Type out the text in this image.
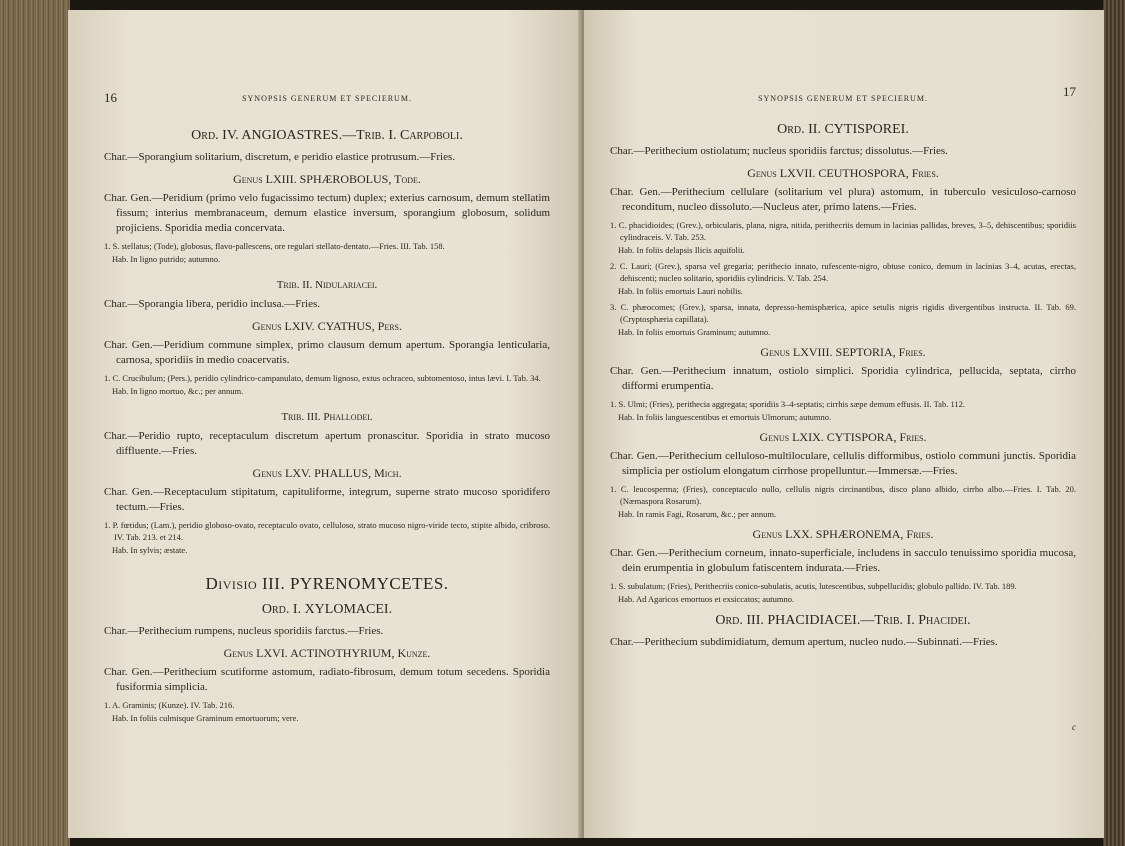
16	SYNOPSIS GENERUM ET SPECIERUM.
Ord. IV. ANGIOASTRES.—Trib. I. Carpoboli.
Char.—Sporangium solitarium, discretum, e peridio elastice protrusum.—Fries.
Genus LXIII. SPHÆROBOLUS, Tode.
Char. Gen.—Peridium (primo velo fugacissimo tectum) duplex; exterius carnosum, demum stellatim fissum; interius membranaceum, demum elastice inversum, sporangium globosum, solidum projiciens. Sporidia media concervata.
1. S. stellatus; (Tode), globosus, flavo-pallescens, ore regulari stellato-dentato.—Fries. III. Tab. 158.
Hab. In ligno putrido; autumno.
Trib. II. Nidulariacei.
Char.—Sporangia libera, peridio inclusa.—Fries.
Genus LXIV. CYATHUS, Pers.
Char. Gen.—Peridium commune simplex, primo clausum demum apertum. Sporangia lenticularia, carnosa, sporidiis in medio coacervatis.
1. C. Crucibulum; (Pers.), peridio cylindrico-campanulato, demum lignoso, extus ochraceo, subtomentoso, intus lævi. I. Tab. 34.
Hab. In ligno mortuo, &c.; per annum.
Trib. III. Phallodei.
Char.—Peridio rupto, receptaculum discretum apertum pronascitur. Sporidia in strato mucoso diffluente.—Fries.
Genus LXV. PHALLUS, Mich.
Char. Gen.—Receptaculum stipitatum, capituliforme, integrum, superne strato mucoso sporidifero tectum.—Fries.
1. P. fœtidus; (Lam.), peridio globoso-ovato, receptaculo ovato, celluloso, strato mucoso nigro-viride tecto, stipite albido, cribroso. IV. Tab. 213. et 214.
Hab. In sylvis; æstate.
Divisio III. PYRENOMYCETES.
Ord. I. XYLOMACEI.
Char.—Perithecium rumpens, nucleus sporidiis farctus.—Fries.
Genus LXVI. ACTINOTHYRIUM, Kunze.
Char. Gen.—Perithecium scutiforme astomum, radiato-fibrosum, demum totum secedens. Sporidia fusiformia simplicia.
1. A. Graminis; (Kunze). IV. Tab. 216.
Hab. In foliis culmisque Graminum emortuorum; vere.
SYNOPSIS GENERUM ET SPECIERUM.	17
Ord. II. CYTISPOREI.
Char.—Perithecium ostiolatum; nucleus sporidiis farctus; dissolutus.—Fries.
Genus LXVII. CEUTHOSPORA, Fries.
Char. Gen.—Perithecium cellulare (solitarium vel plura) astomum, in tuberculo vesiculoso-carnoso reconditum, nucleo dissoluto.—Nucleus ater, primo latens.—Fries.
1. C. phacidioides; (Grev.), orbicularis, plana, nigra, nitida, perithecriis demum in lacinias pallidas, breves, 3–5, dehiscentibus; sporidiis cylindraceis. V. Tab. 253.
Hab. In foliis delapsis Ilicis aquifolii.
2. C. Lauri; (Grev.), sparsa vel gregaria; perithecio innato, rufescente-nigro, obtuse conico, demum in lacinias 3–4, acutas, erectas, dehiscenti; nucleo solitario, sporidiis cylindricis. V. Tab. 254.
Hab. In foliis emortuis Lauri nobilis.
3. C. phæocomes; (Grev.), sparsa, innata, depresso-hemisphærica, apice setulis nigris rigidis divergentibus instructa. II. Tab. 69. (Cryptosphæria capillata).
Hab. In foliis emortuis Graminum; autumno.
Genus LXVIII. SEPTORIA, Fries.
Char. Gen.—Perithecium innatum, ostiolo simplici. Sporidia cylindrica, pellucida, septata, cirrho difformi erumpentia.
1. S. Ulmi; (Fries), perithecia aggregata; sporidiis 3–4-septatis; cirrhis sæpe demum effusis. II. Tab. 112.
Hab. In foliis languescentibus et emortuis Ulmorum; autumno.
Genus LXIX. CYTISPORA, Fries.
Char. Gen.—Perithecium celluloso-multiloculare, cellulis difformibus, ostiolo communi junctis. Sporidia simplicia per ostiolum elongatum cirrhose propelluntur.—Immersæ.—Fries.
1. C. leucosperma; (Fries), conceptaculo nullo, cellulis nigris circinantibus, disco plano albido, cirrho albo.—Fries. I. Tab. 20. (Næmaspora Rosarum).
Hab. In ramis Fagi, Rosarum, &c.; per annum.
Genus LXX. SPHÆRONEMA, Fries.
Char. Gen.—Perithecium corneum, innato-superficiale, includens in sacculo tenuissimo sporidia mucosa, dein erumpentia in globulum fatiscentem indurata.—Fries.
1. S. subulatum; (Fries), Perithecriis conico-subulatis, acutis, lutescentibus, subpellucidis; globulo pallido. IV. Tab. 189.
Hab. Ad Agaricos emortuos et exsiccatos; autumno.
Ord. III. PHACIDIACEI.—Trib. I. Phacidei.
Char.—Perithecium subdimidiatum, demum apertum, nucleo nudo.—Subinnati.—Fries.
c
